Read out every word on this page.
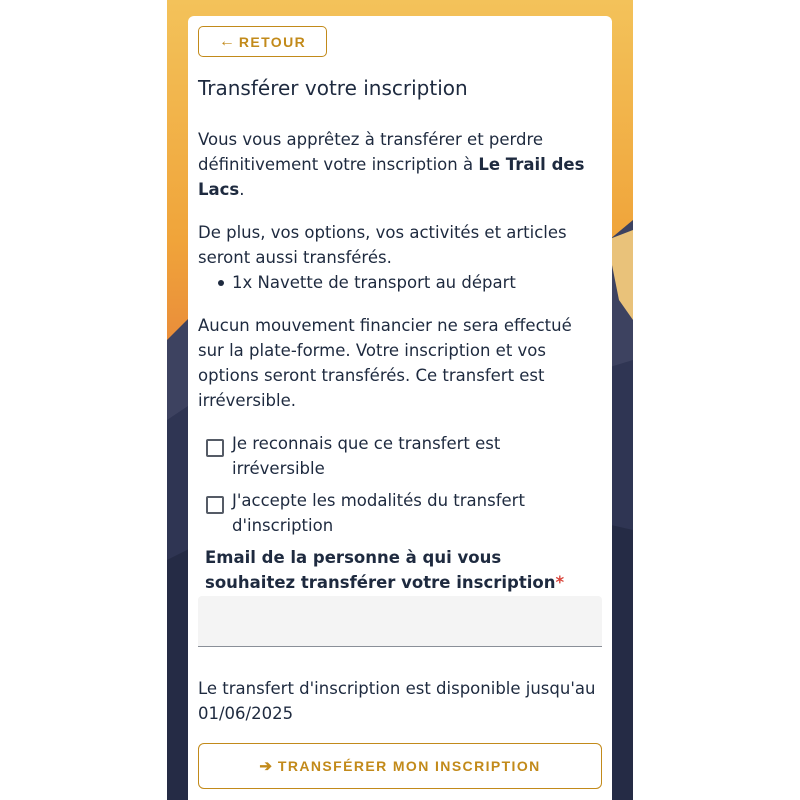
← RETOUR
Transférer votre inscription

Vous vous apprêtez à transférer et perdre définitivement votre inscription à Le Trail des Lacs.

De plus, vos options, vos activités et articles seront aussi transférés.

1x Navette de transport au départ

Aucun mouvement financier ne sera effectué sur la plate-forme. Votre inscription et vos options seront transférés. Ce transfert est irréversible.

Je reconnais que ce transfert est irréversible
J'accepte les modalités du transfert d'inscription
Email de la personne à qui vous souhaitez transférer votre inscription*

Le transfert d'inscription est disponible jusqu'au 01/06/2025

➔ TRANSFÉRER MON INSCRIPTION
